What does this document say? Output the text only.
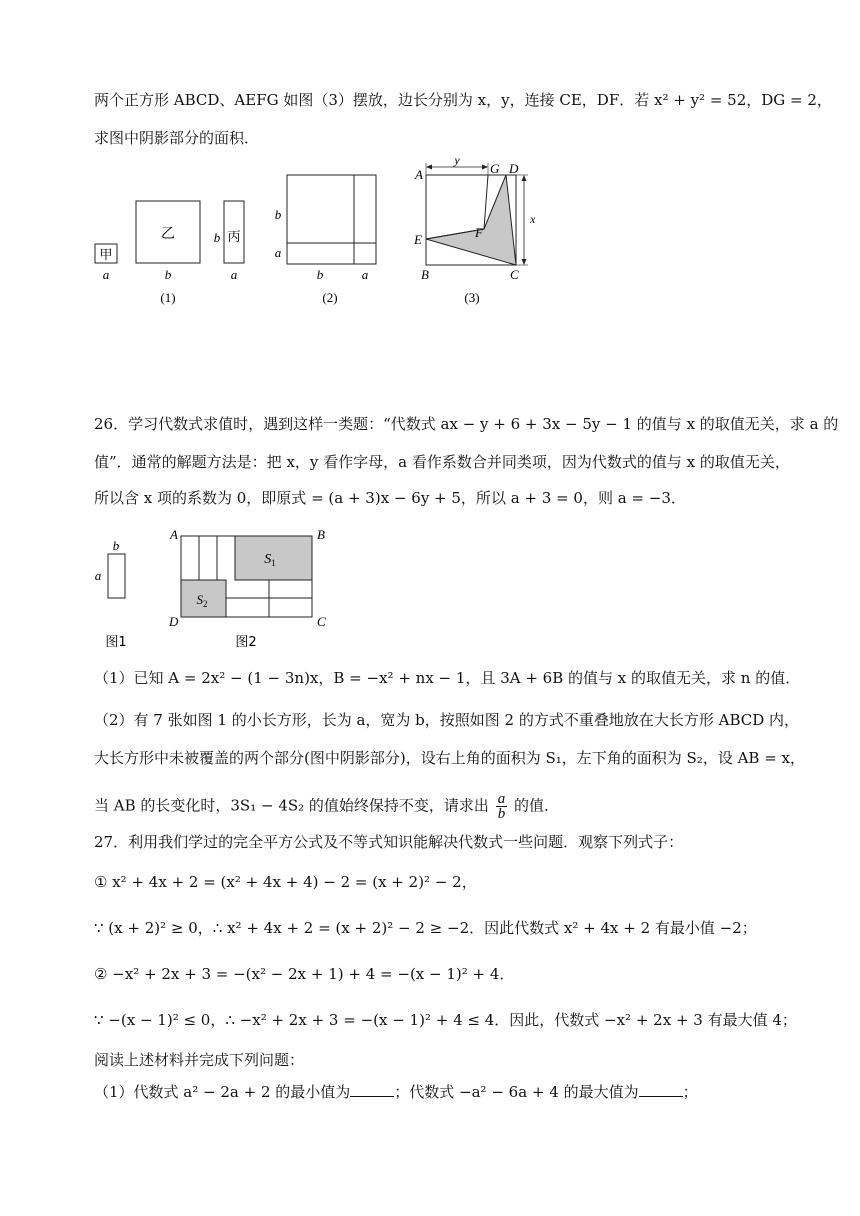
两个正方形 ABCD、AEFG 如图（3）摆放，边长分别为 x，y，连接 CE，DF．若 x² + y² = 52，DG = 2，
求图中阴影部分的面积．
甲
a
乙
b
丙
b
a
(1)
b
a
b	a
(2)
y
x
A	G D
E	F
B	C
(3)
26．学习代数式求值时，遇到这样一类题：“代数式 ax − y + 6 + 3x − 5y − 1 的值与 x 的取值无关，求 a 的
值”．通常的解题方法是：把 x，y 看作字母，a 看作系数合并同类项，因为代数式的值与 x 的取值无关，
所以含 x 项的系数为 0，即原式 = (a + 3)x − 6y + 5，所以 a + 3 = 0，则 a = −3．
b
a
图1
$S_1$
$S_2$
A	B
C
D
图2
（1）已知 A = 2x² − (1 − 3n)x，B = −x² + nx − 1，且 3A + 6B 的值与 x 的取值无关，求 n 的值．
（2）有 7 张如图 1 的小长方形，长为 a，宽为 b，按照如图 2 的方式不重叠地放在大长方形 ABCD 内，
大长方形中未被覆盖的两个部分(图中阴影部分)，设右上角的面积为 S₁，左下角的面积为 S₂，设 AB = x，
当 AB 的长变化时，3S₁ − 4S₂ 的值始终保持不变，请求出 $\frac{a}{b}$ 的值．
27．利用我们学过的完全平方公式及不等式知识能解决代数式一些问题．观察下列式子：
① x² + 4x + 2 = (x² + 4x + 4) − 2 = (x + 2)² − 2，
∵ (x + 2)² ≥ 0，∴ x² + 4x + 2 = (x + 2)² − 2 ≥ −2．因此代数式 x² + 4x + 2 有最小值 −2；
② −x² + 2x + 3 = −(x² − 2x + 1) + 4 = −(x − 1)² + 4．
∵ −(x − 1)² ≤ 0，∴ −x² + 2x + 3 = −(x − 1)² + 4 ≤ 4．因此，代数式 −x² + 2x + 3 有最大值 4；
阅读上述材料并完成下列问题：
（1）代数式 a² − 2a + 2 的最小值为	；代数式 −a² − 6a + 4 的最大值为	；
